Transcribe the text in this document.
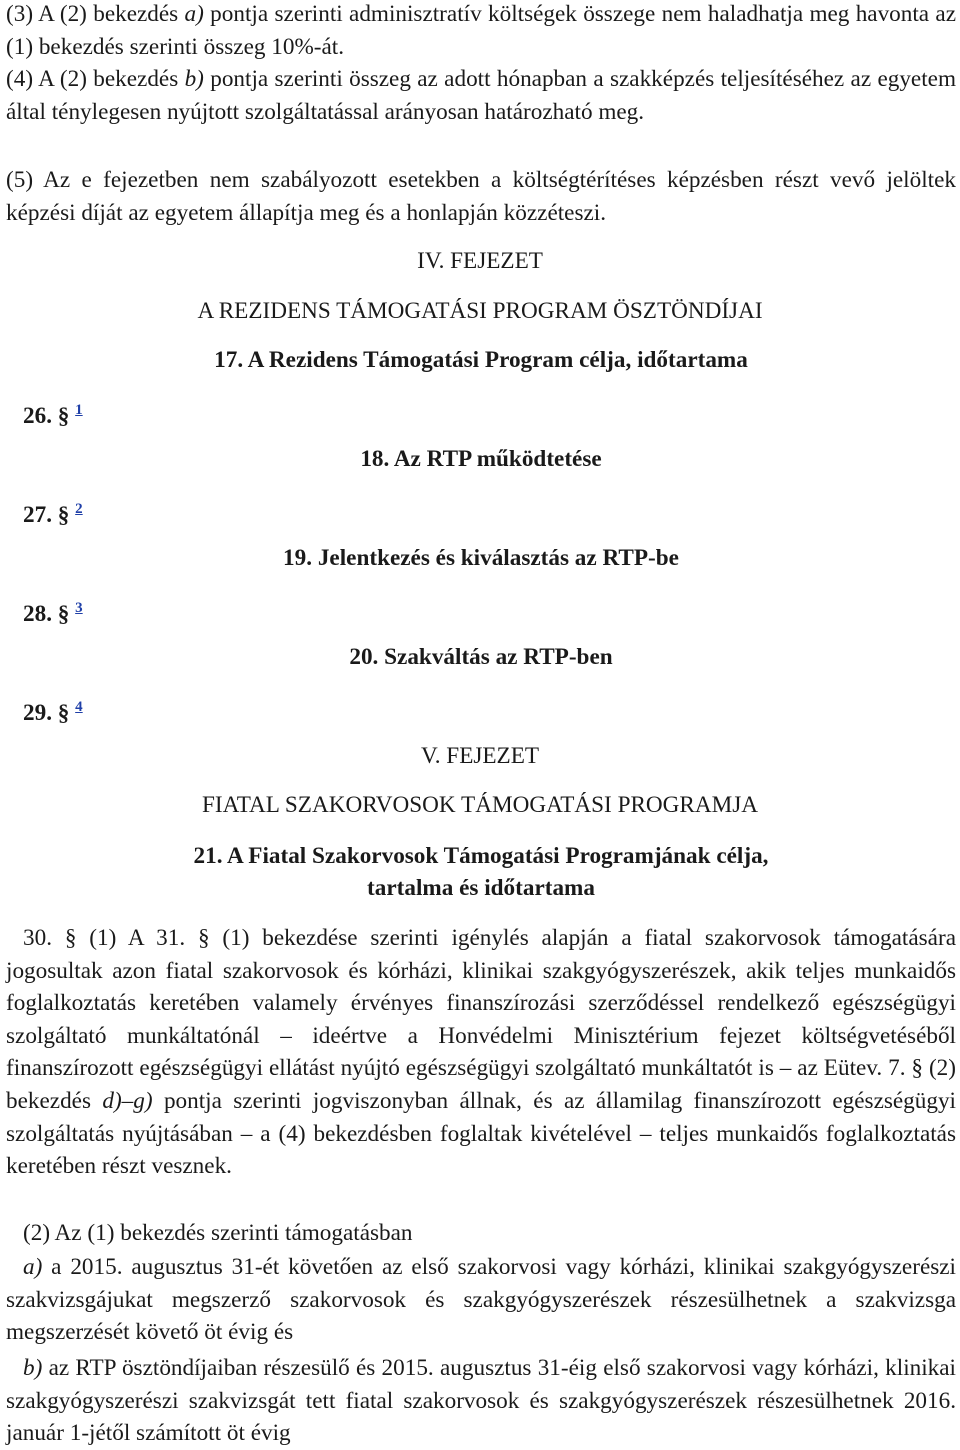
(3) A (2) bekezdés a) pontja szerinti adminisztratív költségek összege nem haladhatja meg havonta az (1) bekezdés szerinti összeg 10%-át.

(4) A (2) bekezdés b) pontja szerinti összeg az adott hónapban a szakképzés teljesítéséhez az egyetem által ténylegesen nyújtott szolgáltatással arányosan határozható meg.

(5) Az e fejezetben nem szabályozott esetekben a költségtérítéses képzésben részt vevő jelöltek képzési díját az egyetem állapítja meg és a honlapján közzéteszi.

IV. FEJEZET
A REZIDENS TÁMOGATÁSI PROGRAM ÖSZTÖNDÍJAI
17. A Rezidens Támogatási Program célja, időtartama
26. § $^1$
18. Az RTP működtetése
27. § $^2$
19. Jelentkezés és kiválasztás az RTP-be
28. § $^3$
20. Szakváltás az RTP-ben
29. § $^4$
V. FEJEZET
FIATAL SZAKORVOSOK TÁMOGATÁSI PROGRAMJA
21. A Fiatal Szakorvosok Támogatási Programjának célja, tartalma és időtartama

30. § (1) A 31. § (1) bekezdése szerinti igénylés alapján a fiatal szakorvosok támogatására jogosultak azon fiatal szakorvosok és kórházi, klinikai szakgyógyszerészek, akik teljes munkaidős foglalkoztatás keretében valamely érvényes finanszírozási szerződéssel rendelkező egészségügyi szolgáltató munkáltatónál – ideértve a Honvédelmi Minisztérium fejezet költségvetéséből finanszírozott egészségügyi ellátást nyújtó egészségügyi szolgáltató munkáltatót is – az Eütev. 7. § (2) bekezdés d)–g) pontja szerinti jogviszonyban állnak, és az államilag finanszírozott egészségügyi szolgáltatás nyújtásában – a (4) bekezdésben foglaltak kivételével – teljes munkaidős foglalkoztatás keretében részt vesznek.

(2) Az (1) bekezdés szerinti támogatásban

a) a 2015. augusztus 31-ét követően az első szakorvosi vagy kórházi, klinikai szakgyógyszerészi szakvizsgájukat megszerző szakorvosok és szakgyógyszerészek részesülhetnek a szakvizsga megszerzését követő öt évig és

b) az RTP ösztöndíjaiban részesülő és 2015. augusztus 31-éig első szakorvosi vagy kórházi, klinikai szakgyógyszerészi szakvizsgát tett fiatal szakorvosok és szakgyógyszerészek részesülhetnek 2016. január 1-jétől számított öt évig
